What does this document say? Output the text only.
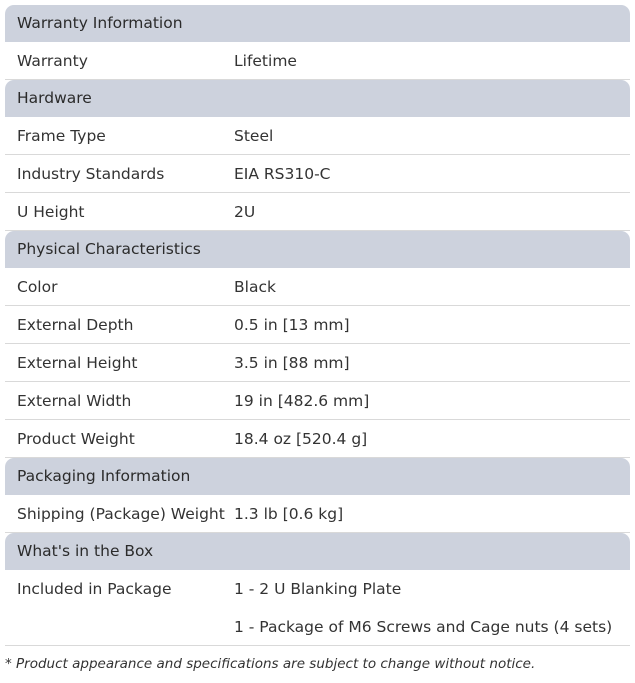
Warranty Information
Warranty	Lifetime
Hardware
Frame Type	Steel
Industry Standards	EIA RS310-C
U Height	2U
Physical Characteristics
Color	Black
External Depth	0.5 in [13 mm]
External Height	3.5 in [88 mm]
External Width	19 in [482.6 mm]
Product Weight	18.4 oz [520.4 g]
Packaging Information
Shipping (Package) Weight 1.3 lb [0.6 kg]
What's in the Box
Included in Package	1 - 2 U Blanking Plate
1 - Package of M6 Screws and Cage nuts (4 sets)
* Product appearance and specifications are subject to change without notice.
